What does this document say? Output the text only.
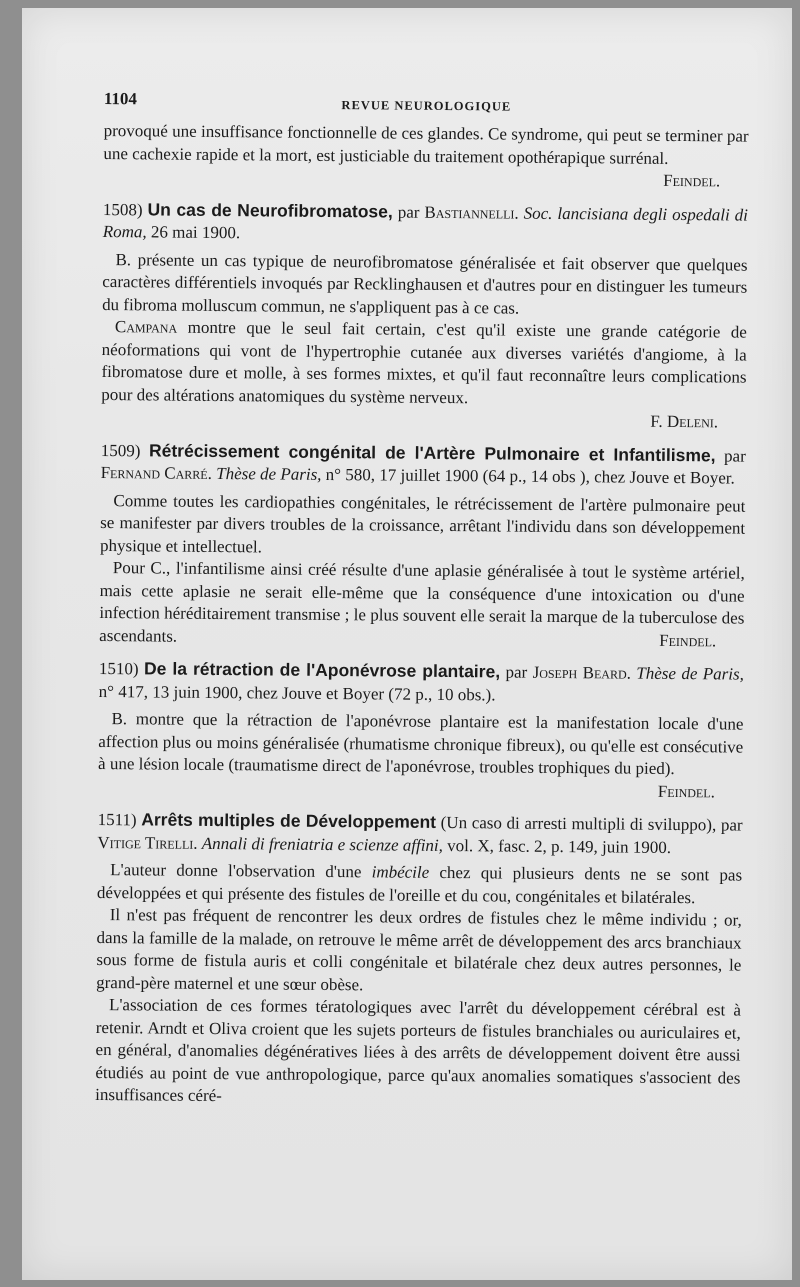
1104	REVUE NEUROLOGIQUE

provoqué une insuffisance fonctionnelle de ces glandes. Ce syndrome, qui peut se terminer par une cachexie rapide et la mort, est justiciable du traitement opothérapique surrénal.

Feindel.

1508) Un cas de Neurofibromatose, par Bastiannelli. Soc. lancisiana degli ospedali di Roma, 26 mai 1900.

B. présente un cas typique de neurofibromatose généralisée et fait observer que quelques caractères différentiels invoqués par Recklinghausen et d'autres pour en distinguer les tumeurs du fibroma molluscum commun, ne s'appliquent pas à ce cas.

Campana montre que le seul fait certain, c'est qu'il existe une grande catégorie de néoformations qui vont de l'hypertrophie cutanée aux diverses variétés d'angiome, à la fibromatose dure et molle, à ses formes mixtes, et qu'il faut reconnaître leurs complications pour des altérations anatomiques du système nerveux.

F. Deleni.

1509) Rétrécissement congénital de l'Artère Pulmonaire et Infantilisme, par Fernand Carré. Thèse de Paris, n° 580, 17 juillet 1900 (64 p., 14 obs ), chez Jouve et Boyer.

Comme toutes les cardiopathies congénitales, le rétrécissement de l'artère pulmonaire peut se manifester par divers troubles de la croissance, arrêtant l'individu dans son développement physique et intellectuel.

Pour C., l'infantilisme ainsi créé résulte d'une aplasie généralisée à tout le système artériel, mais cette aplasie ne serait elle-même que la conséquence d'une intoxication ou d'une infection héréditairement transmise ; le plus souvent elle serait la marque de la tuberculose des ascendants.	Feindel.

1510) De la rétraction de l'Aponévrose plantaire, par Joseph Beard. Thèse de Paris, n° 417, 13 juin 1900, chez Jouve et Boyer (72 p., 10 obs.).

B. montre que la rétraction de l'aponévrose plantaire est la manifestation locale d'une affection plus ou moins généralisée (rhumatisme chronique fibreux), ou qu'elle est consécutive à une lésion locale (traumatisme direct de l'aponévrose, troubles trophiques du pied).
Feindel.

1511) Arrêts multiples de Développement (Un caso di arresti multipli di sviluppo), par Vitige Tirelli. Annali di freniatria e scienze affini, vol. X, fasc. 2, p. 149, juin 1900.

L'auteur donne l'observation d'une imbécile chez qui plusieurs dents ne se sont pas développées et qui présente des fistules de l'oreille et du cou, congénitales et bilatérales.

Il n'est pas fréquent de rencontrer les deux ordres de fistules chez le même individu ; or, dans la famille de la malade, on retrouve le même arrêt de développement des arcs branchiaux sous forme de fistula auris et colli congénitale et bilatérale chez deux autres personnes, le grand-père maternel et une sœur obèse.

L'association de ces formes tératologiques avec l'arrêt du développement cérébral est à retenir. Arndt et Oliva croient que les sujets porteurs de fistules branchiales ou auriculaires et, en général, d'anomalies dégénératives liées à des arrêts de développement doivent être aussi étudiés au point de vue anthropologique, parce qu'aux anomalies somatiques s'associent des insuffisances céré-
